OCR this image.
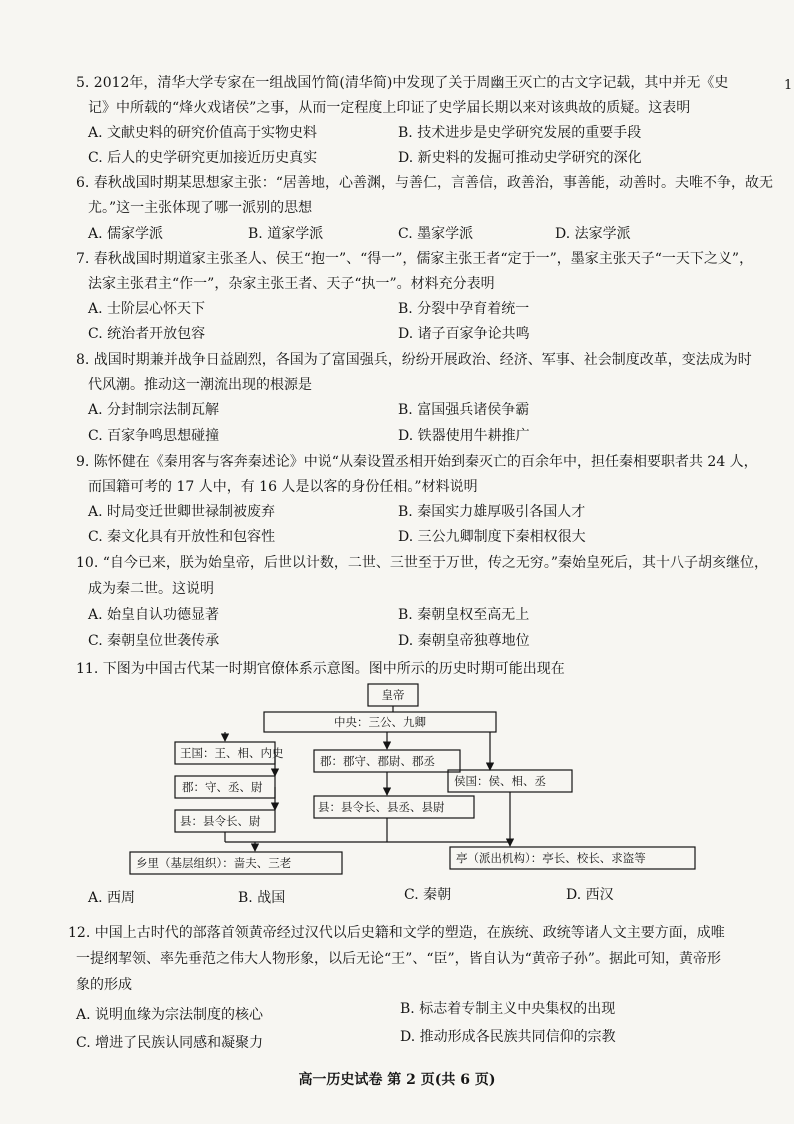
1
5. 2012年，清华大学专家在一组战国竹简(清华简)中发现了关于周幽王灭亡的古文字记载，其中并无《史
记》中所载的“烽火戏诸侯”之事，从而一定程度上印证了史学届长期以来对该典故的质疑。这表明
A. 文献史料的研究价值高于实物史料	B. 技术进步是史学研究发展的重要手段
C. 后人的史学研究更加接近历史真实	D. 新史料的发掘可推动史学研究的深化
6. 春秋战国时期某思想家主张：“居善地，心善渊，与善仁，言善信，政善治，事善能，动善时。夫唯不争，故无
尤。”这一主张体现了哪一派别的思想
A. 儒家学派	B. 道家学派	C. 墨家学派	D. 法家学派
7. 春秋战国时期道家主张圣人、侯王“抱一”、“得一”，儒家主张王者“定于一”，墨家主张天子“一天下之义”，
法家主张君主“作一”，杂家主张王者、天子“执一”。材料充分表明
A. 士阶层心怀天下	B. 分裂中孕育着统一
C. 统治者开放包容	D. 诸子百家争论共鸣
8. 战国时期兼并战争日益剧烈，各国为了富国强兵，纷纷开展政治、经济、军事、社会制度改革，变法成为时
代风潮。推动这一潮流出现的根源是
A. 分封制宗法制瓦解	B. 富国强兵诸侯争霸
C. 百家争鸣思想碰撞	D. 铁器使用牛耕推广
9. 陈怀健在《秦用客与客奔秦述论》中说“从秦设置丞相开始到秦灭亡的百余年中，担任秦相要职者共 24 人，
而国籍可考的 17 人中，有 16 人是以客的身份任相。”材料说明
A. 时局变迁世卿世禄制被废弃	B. 秦国实力雄厚吸引各国人才
C. 秦文化具有开放性和包容性	D. 三公九卿制度下秦相权很大
10. “自今已来，朕为始皇帝，后世以计数，二世、三世至于万世，传之无穷。”秦始皇死后，其十八子胡亥继位，
成为秦二世。这说明
A. 始皇自认功德显著	B. 秦朝皇权至高无上
C. 秦朝皇位世袭传承	D. 秦朝皇帝独尊地位
11. 下图为中国古代某一时期官僚体系示意图。图中所示的历史时期可能出现在
皇帝
中央：三公、九卿
王国：王、相、内史
郡：守、丞、尉
县：县令长、尉
郡：郡守、郡尉、郡丞
县：县令长、县丞、县尉
侯国：侯、相、丞
乡里（基层组织）：啬夫、三老	亭（派出机构）：亭长、校长、求盗等
A. 西周	B. 战国	C. 秦朝	D. 西汉
12. 中国上古时代的部落首领黄帝经过汉代以后史籍和文学的塑造，在族统、政统等诸人文主要方面，成唯
一提纲挈领、率先垂范之伟大人物形象，以后无论“王”、“臣”，皆自认为“黄帝子孙”。据此可知，黄帝形
象的形成
A. 说明血缘为宗法制度的核心	B. 标志着专制主义中央集权的出现
C. 增进了民族认同感和凝聚力	D. 推动形成各民族共同信仰的宗教
高一历史试卷 第 2 页(共 6 页)
